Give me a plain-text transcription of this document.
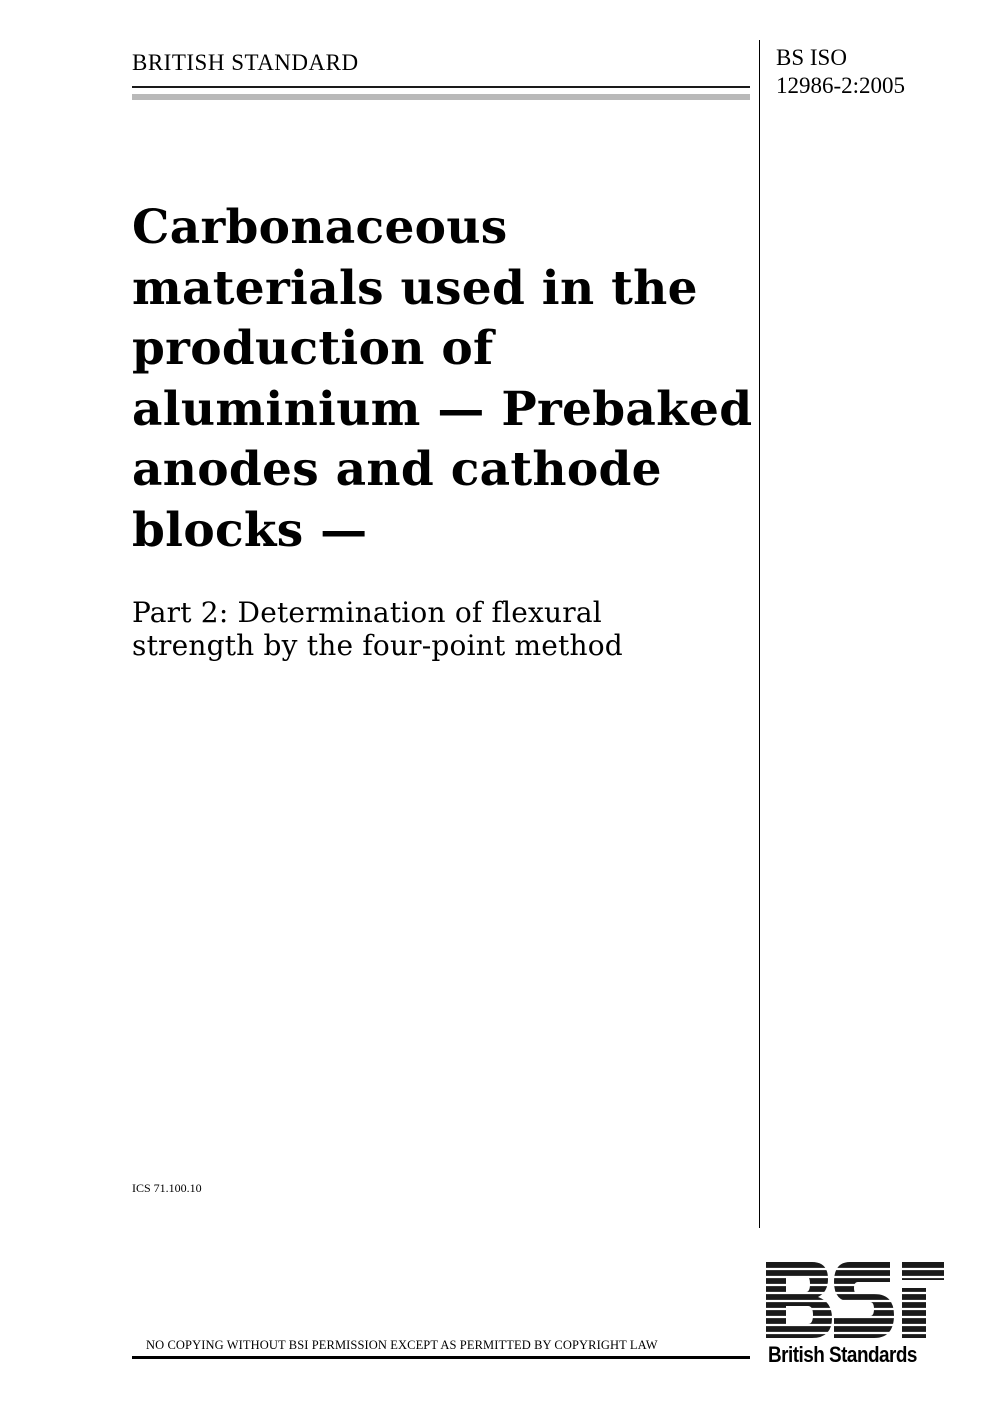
BRITISH STANDARD	BS ISO
12986-2:2005
Carbonaceous
materials used in the
production of
aluminium — Prebaked
anodes and cathode
blocks —
Part 2: Determination of flexural
strength by the four-point method
ICS 71.100.10
NO COPYING WITHOUT BSI PERMISSION EXCEPT AS PERMITTED BY COPYRIGHT LAW	British Standards
